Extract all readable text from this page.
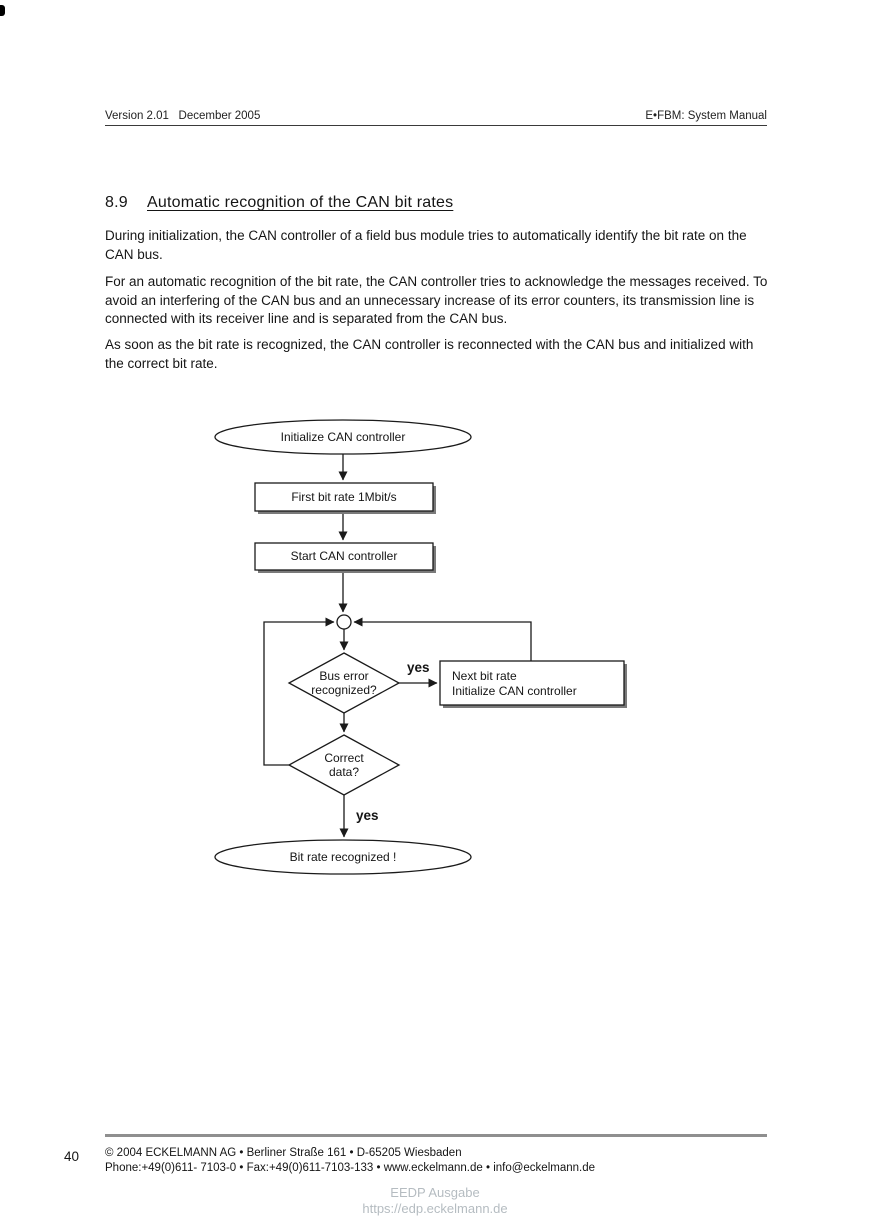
Version 2.01   December 2005	E•FBM: System Manual
8.9 Automatic recognition of the CAN bit rates

During initialization, the CAN controller of a field bus module tries to automatically identify the bit rate on the CAN bus.

For an automatic recognition of the bit rate, the CAN controller tries to acknowledge the messages received. To avoid an interfering of the CAN bus and an unnecessary increase of its error counters, its transmission line is connected with its receiver line and is separated from the CAN bus.

As soon as the bit rate is recognized, the CAN controller is reconnected with the CAN bus and initialized with the correct bit rate.

Initialize CAN controller
First bit rate 1Mbit/s
Start CAN controller
Bus error
recognized?
yes
Next bit rate
Initialize CAN controller
Correct
data?
yes
Bit rate recognized !
40 © 2004 ECKELMANN AG • Berliner Straße 161 • D-65205 Wiesbaden
Phone:+49(0)611- 7103-0 • Fax:+49(0)611-7103-133 • www.eckelmann.de • info@eckelmann.de
EEDP Ausgabe
https://edp.eckelmann.de
